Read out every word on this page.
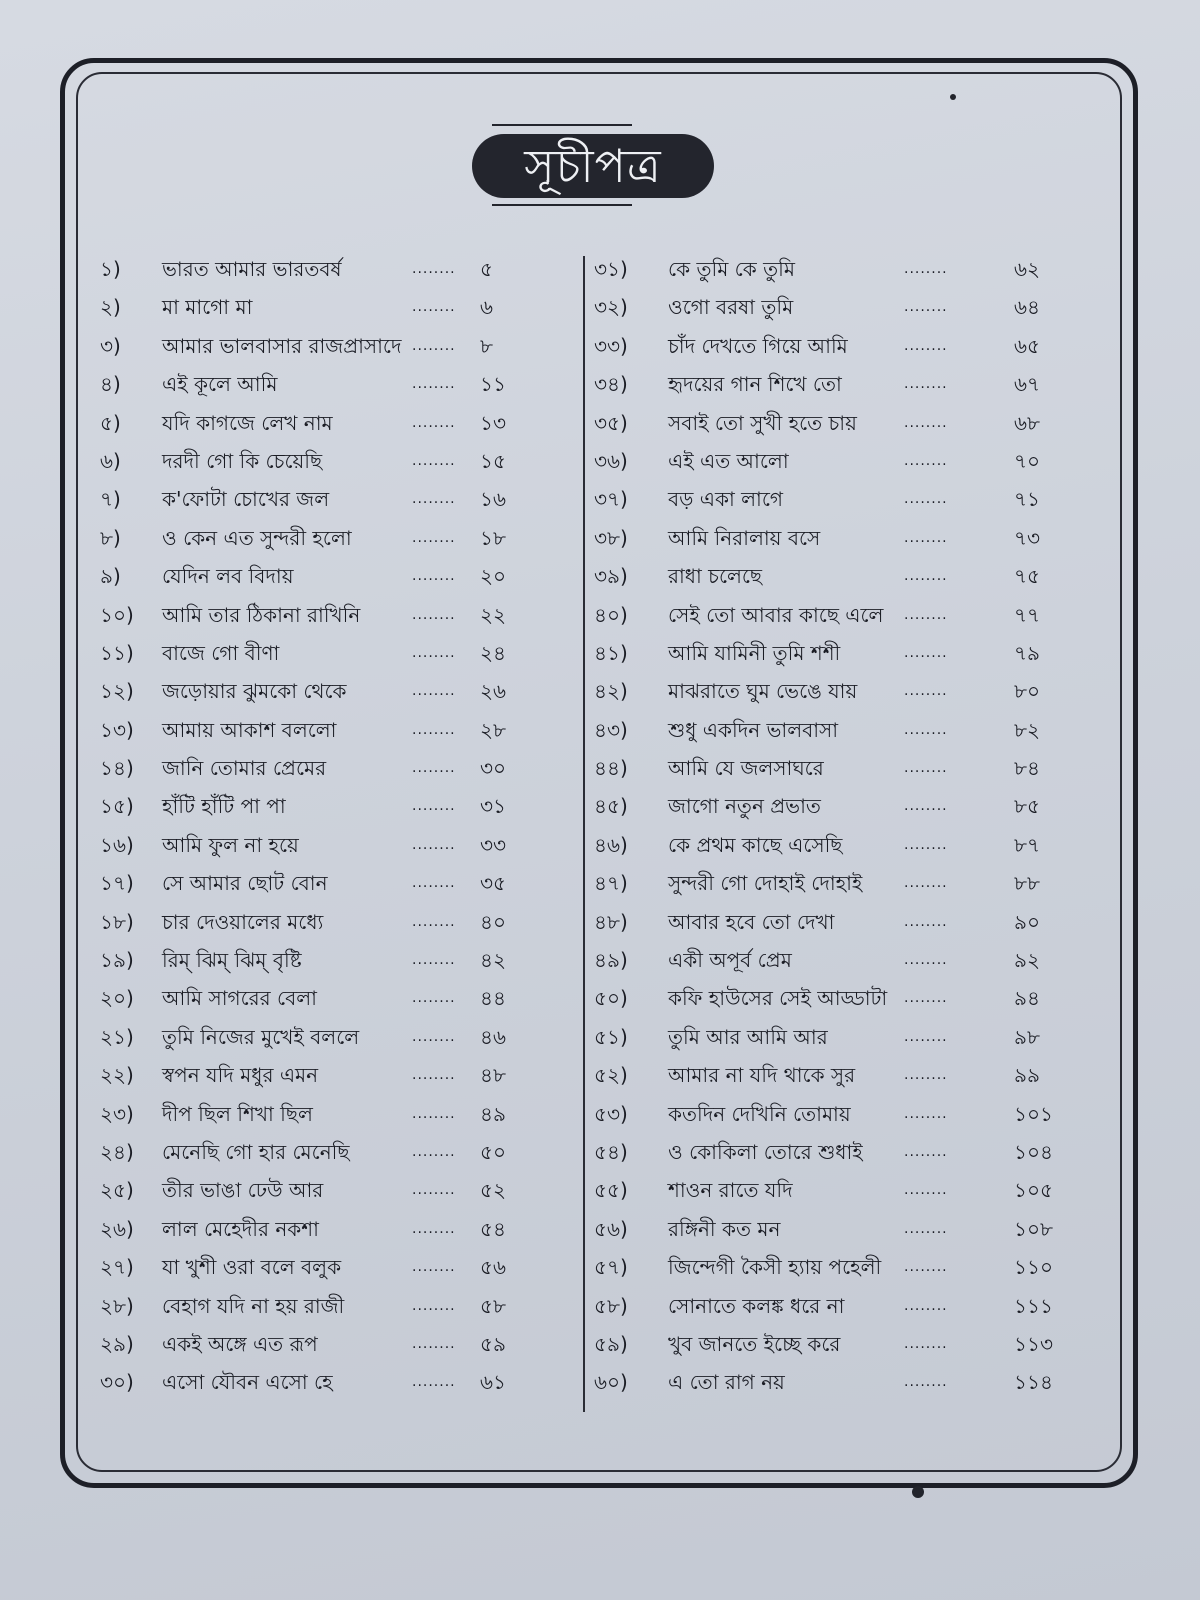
সূচীপত্র
১) ভারত আমার ভারতবর্ষ	........ ৫
২) মা মাগো মা	........ ৬
৩) আমার ভালবাসার রাজপ্রাসাদে ........ ৮
৪) এই কূলে আমি	........ ১১
৫) যদি কাগজে লেখ নাম	........ ১৩
৬) দরদী গো কি চেয়েছি	........ ১৫
৭) ক'ফোটা চোখের জল	........ ১৬
৮) ও কেন এত সুন্দরী হলো	........ ১৮
৯) যেদিন লব বিদায়	........ ২০
১০) আমি তার ঠিকানা রাখিনি	........ ২২
১১) বাজে গো বীণা	........ ২৪
১২) জড়োয়ার ঝুমকো থেকে	........ ২৬
১৩) আমায় আকাশ বললো	........ ২৮
১৪) জানি তোমার প্রেমের	........ ৩০
১৫) হাঁটি হাঁটি পা পা	........ ৩১
১৬) আমি ফুল না হয়ে	........ ৩৩
১৭) সে আমার ছোট বোন	........ ৩৫
১৮) চার দেওয়ালের মধ্যে	........ ৪০
১৯) রিম্ ঝিম্ ঝিম্ বৃষ্টি	........ ৪২
২০) আমি সাগরের বেলা	........ ৪৪
২১) তুমি নিজের মুখেই বললে	........ ৪৬
২২) স্বপন যদি মধুর এমন	........ ৪৮
২৩) দীপ ছিল শিখা ছিল	........ ৪৯
২৪) মেনেছি গো হার মেনেছি	........ ৫০
২৫) তীর ভাঙা ঢেউ আর	........ ৫২
২৬) লাল মেহেদীর নকশা	........ ৫৪
২৭) যা খুশী ওরা বলে বলুক	........ ৫৬
২৮) বেহাগ যদি না হয় রাজী	........ ৫৮
২৯) একই অঙ্গে এত রূপ	........ ৫৯
৩০) এসো যৌবন এসো হে	........ ৬১
৩১) কে তুমি কে তুমি	........	৬২
৩২) ওগো বরষা তুমি	........	৬৪
৩৩) চাঁদ দেখতে গিয়ে আমি	........	৬৫
৩৪) হৃদয়ের গান শিখে তো	........	৬৭
৩৫) সবাই তো সুখী হতে চায়	........	৬৮
৩৬) এই এত আলো	........	৭০
৩৭) বড় একা লাগে	........	৭১
৩৮) আমি নিরালায় বসে	........	৭৩
৩৯) রাধা চলেছে	........	৭৫
৪০) সেই তো আবার কাছে এলে ........	৭৭
৪১) আমি যামিনী তুমি শশী	........	৭৯
৪২) মাঝরাতে ঘুম ভেঙে যায়	........	৮০
৪৩) শুধু একদিন ভালবাসা	........	৮২
৪৪) আমি যে জলসাঘরে	........	৮৪
৪৫) জাগো নতুন প্রভাত	........	৮৫
৪৬) কে প্রথম কাছে এসেছি	........	৮৭
৪৭) সুন্দরী গো দোহাই দোহাই	........	৮৮
৪৮) আবার হবে তো দেখা	........	৯০
৪৯) একী অপূর্ব প্রেম	........	৯২
৫০) কফি হাউসের সেই আড্ডাটা ........	৯৪
৫১) তুমি আর আমি আর	........	৯৮
৫২) আমার না যদি থাকে সুর	........	৯৯
৫৩) কতদিন দেখিনি তোমায়	........	১০১
৫৪) ও কোকিলা তোরে শুধাই	........	১০৪
৫৫) শাওন রাতে যদি	........	১০৫
৫৬) রঙ্গিনী কত মন	........	১০৮
৫৭) জিন্দেগী কৈসী হ্যায় পহেলী ........	১১০
৫৮) সোনাতে কলঙ্ক ধরে না	........	১১১
৫৯) খুব জানতে ইচ্ছে করে	........	১১৩
৬০) এ তো রাগ নয়	........	১১৪
